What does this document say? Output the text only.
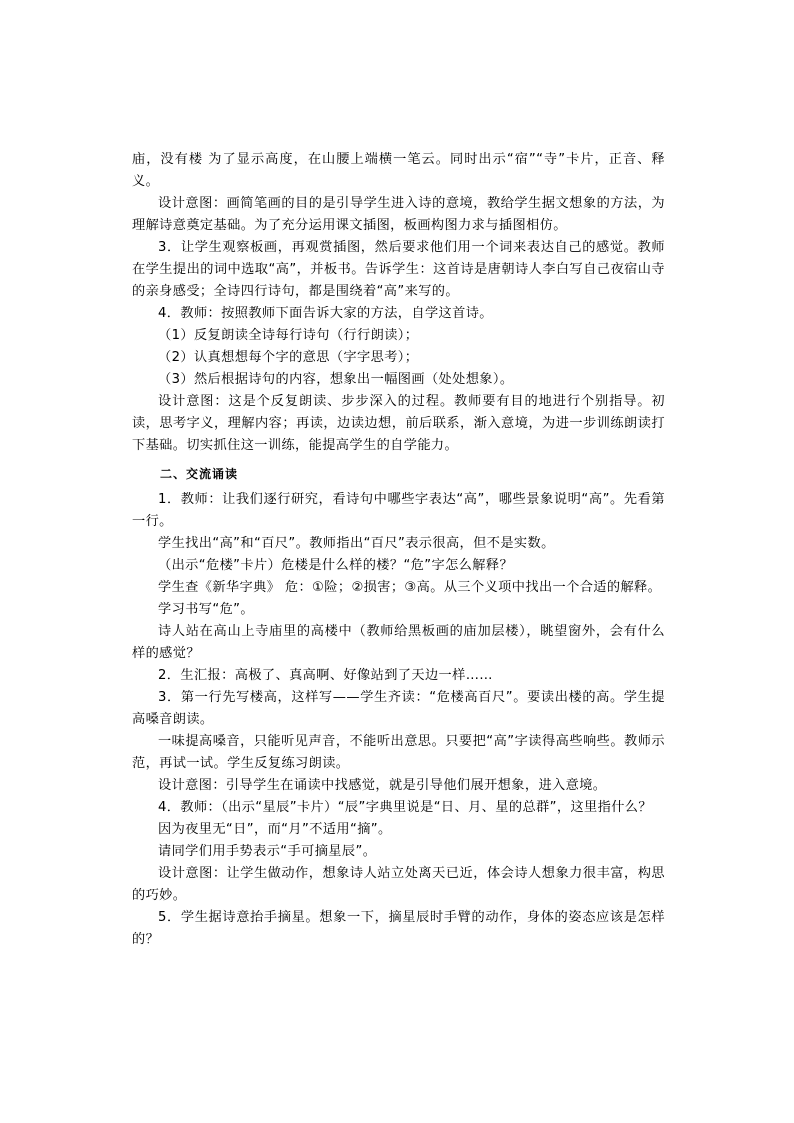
庙，没有楼 为了显示高度，在山腰上端横一笔云。同时出示“宿”“寺”卡片，正音、释义。

设计意图：画简笔画的目的是引导学生进入诗的意境，教给学生据文想象的方法，为理解诗意奠定基础。为了充分运用课文插图，板画构图力求与插图相仿。

3．让学生观察板画，再观赏插图，然后要求他们用一个词来表达自己的感觉。教师在学生提出的词中选取“高”，并板书。告诉学生：这首诗是唐朝诗人李白写自己夜宿山寺的亲身感受；全诗四行诗句，都是围绕着“高”来写的。

4．教师：按照教师下面告诉大家的方法，自学这首诗。

（1）反复朗读全诗每行诗句（行行朗读）；

（2）认真想想每个字的意思（字字思考）；

（3）然后根据诗句的内容，想象出一幅图画（处处想象）。

设计意图：这是个反复朗读、步步深入的过程。教师要有目的地进行个别指导。初读，思考字义，理解内容；再读，边读边想，前后联系，渐入意境，为进一步训练朗读打下基础。切实抓住这一训练，能提高学生的自学能力。

二、交流诵读

1．教师：让我们逐行研究，看诗句中哪些字表达“高”，哪些景象说明“高”。先看第一行。

学生找出“高”和“百尺”。教师指出“百尺”表示很高，但不是实数。

（出示“危楼”卡片）危楼是什么样的楼？“危”字怎么解释？

学生查《新华字典》 危：①险；②损害；③高。从三个义项中找出一个合适的解释。

学习书写“危”。

诗人站在高山上寺庙里的高楼中（教师给黑板画的庙加层楼），眺望窗外，会有什么样的感觉？

2．生汇报：高极了、真高啊、好像站到了天边一样……

3．第一行先写楼高，这样写——学生齐读：“危楼高百尺”。要读出楼的高。学生提高嗓音朗读。

一味提高嗓音，只能听见声音，不能听出意思。只要把“高”字读得高些响些。教师示范，再试一试。学生反复练习朗读。

设计意图：引导学生在诵读中找感觉，就是引导他们展开想象，进入意境。

4．教师：（出示“星辰”卡片）“辰”字典里说是“日、月、星的总群”，这里指什么？

因为夜里无“日”，而“月”不适用“摘”。

请同学们用手势表示“手可摘星辰”。

设计意图：让学生做动作，想象诗人站立处离天已近，体会诗人想象力很丰富，构思的巧妙。

5．学生据诗意抬手摘星。想象一下，摘星辰时手臂的动作，身体的姿态应该是怎样的？
